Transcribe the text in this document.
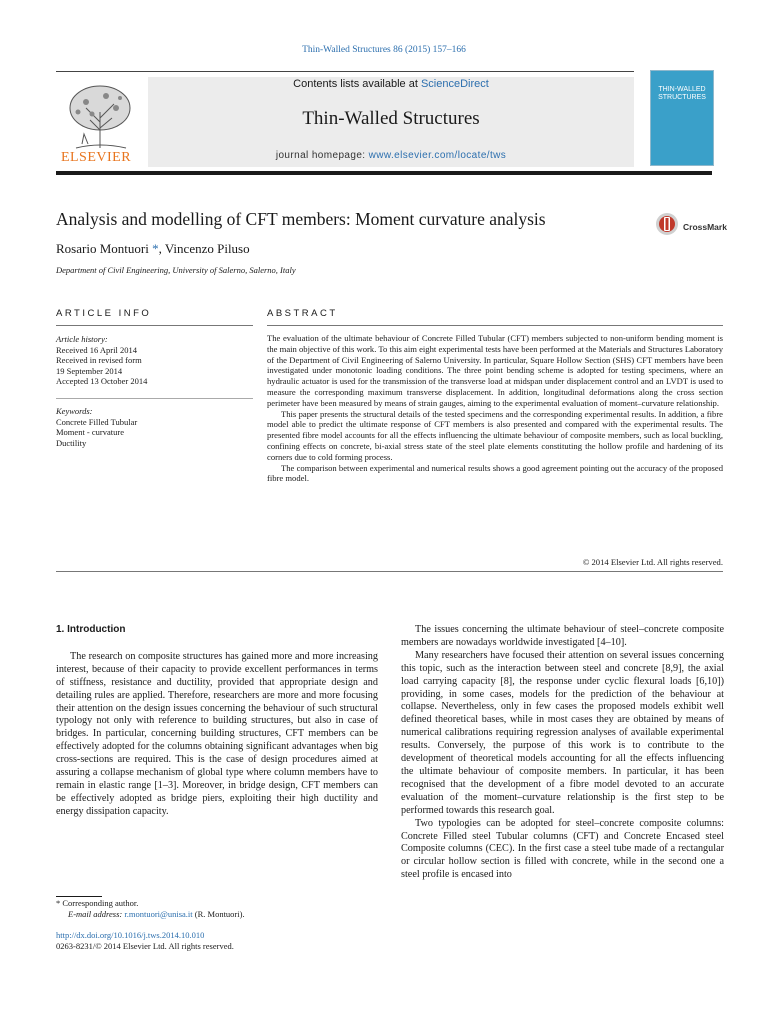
Thin-Walled Structures 86 (2015) 157–166
ELSEVIER
Contents lists available at ScienceDirect
Thin-Walled Structures
journal homepage: www.elsevier.com/locate/tws
THIN-WALLED STRUCTURES
Analysis and modelling of CFT members: Moment curvature analysis	CrossMark
Rosario Montuori *, Vincenzo Piluso
Department of Civil Engineering, University of Salerno, Salerno, Italy
ARTICLE INFO	ABSTRACT
Article history:
Received 16 April 2014
Received in revised form
19 September 2014
Accepted 13 October 2014
Keywords:
Concrete Filled Tubular
Moment - curvature
Ductility

The evaluation of the ultimate behaviour of Concrete Filled Tubular (CFT) members subjected to non-uniform bending moment is the main objective of this work. To this aim eight experimental tests have been performed at the Materials and Structures Laboratory of the Department of Civil Engineering of Salerno University. In particular, Square Hollow Section (SHS) CFT members have been investigated under monotonic loading conditions. The three point bending scheme is adopted for testing specimens, where an hydraulic actuator is used for the transmission of the transverse load at midspan under displacement control and an LVDT is used to measure the corresponding maximum transverse displacement. In addition, longitudinal deformations along the cross section perimeter have been measured by means of strain gauges, aiming to the experimental evaluation of moment–curvature relationship.

This paper presents the structural details of the tested specimens and the corresponding experimental results. In addition, a fibre model able to predict the ultimate response of CFT members is also presented and compared with the experimental results. The presented fibre model accounts for all the effects influencing the ultimate behaviour of composite members, such as local buckling, confining effects on concrete, bi-axial stress state of the steel plate elements constituting the hollow profile and hardening of its corners due to cold forming process.

The comparison between experimental and numerical results shows a good agreement pointing out the accuracy of the proposed fibre model.

© 2014 Elsevier Ltd. All rights reserved.

1. Introduction

The research on composite structures has gained more and more increasing interest, because of their capacity to provide excellent performances in terms of stiffness, resistance and ductility, provided that appropriate design and detailing rules are applied. Therefore, researchers are more and more focusing their attention on the design issues concerning the behaviour of such structural typology not only with reference to building structures, but also in case of bridges. In particular, concerning building structures, CFT members can be effectively adopted for the columns obtaining significant advantages when big cross-sections are required. This is the case of design procedures aimed at assuring a collapse mechanism of global type where column members have to remain in elastic range [1–3]. Moreover, in bridge design, CFT members can be effectively adopted as bridge piers, exploiting their high ductility and energy dissipation capacity.

The issues concerning the ultimate behaviour of steel–concrete composite members are nowadays worldwide investigated [4–10].

Many researchers have focused their attention on several issues concerning this topic, such as the interaction between steel and concrete [8,9], the axial load carrying capacity [8], the response under cyclic flexural loads [6,10]) providing, in some cases, models for the prediction of the behaviour at collapse. Nevertheless, only in few cases the proposed models exhibit well defined theoretical bases, while in most cases they are obtained by means of numerical calibrations requiring regression analyses of available experimental results. Conversely, the purpose of this work is to contribute to the development of theoretical models accounting for all the effects influencing the ultimate behaviour of composite members. In particular, it has been recognised that the development of a fibre model devoted to an accurate evaluation of the moment–curvature relationship is the first step to be performed towards this research goal.

Two typologies can be adopted for steel–concrete composite columns: Concrete Filled steel Tubular columns (CFT) and Concrete Encased steel Composite columns (CEC). In the first case a steel tube made of a rectangular or circular hollow section is filled with concrete, while in the second one a steel profile is encased into

* Corresponding author.
E-mail address: r.montuori@unisa.it (R. Montuori).
http://dx.doi.org/10.1016/j.tws.2014.10.010
0263-8231/© 2014 Elsevier Ltd. All rights reserved.
